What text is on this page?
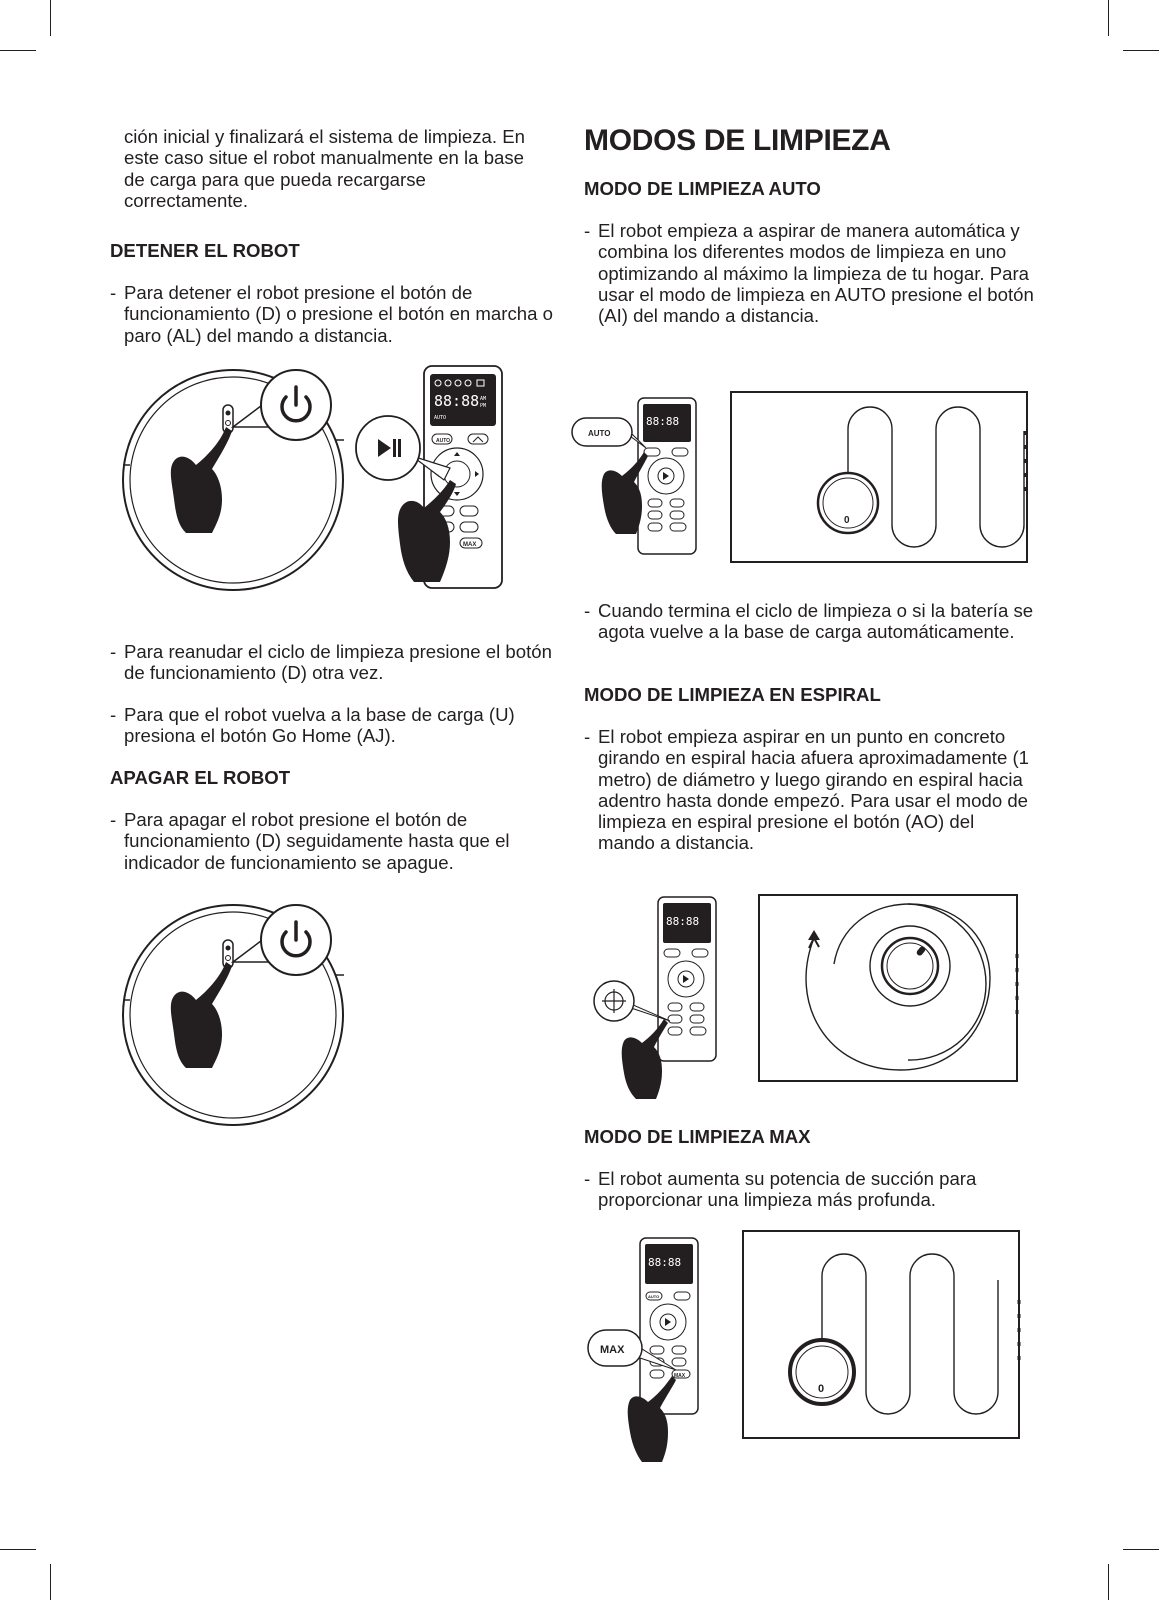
ción inicial y finalizará el sistema de limpieza. En este caso situe el robot manualmente en la base de carga para que pueda recargarse correctamente.

DETENER EL ROBOT

- Para detener el robot presione el botón de funcionamiento (D) o presione el botón en marcha o paro (AL) del mando a distancia.

- Para reanudar el ciclo de limpieza presione el botón de funcionamiento (D) otra vez.

- Para que el robot vuelva a la base de carga (U) presiona el botón Go Home (AJ).

APAGAR EL ROBOT

- Para apagar el robot presione el botón de funcionamiento (D) seguidamente hasta que el indicador de funcionamiento se apague.

MODOS DE LIMPIEZA
MODO DE LIMPIEZA AUTO

- El robot empieza a aspirar de manera automática y combina los diferentes modos de limpieza en uno optimizando al máximo la limpieza de tu hogar. Para usar el modo de limpieza en AUTO presione el botón (AI) del mando a distancia.

- Cuando termina el ciclo de limpieza o si la batería se agota vuelve a la base de carga automáticamente.

MODO DE LIMPIEZA EN ESPIRAL

- El robot empieza aspirar en un punto en concreto girando en espiral hacia afuera aproximadamente (1 metro) de diámetro y luego girando en espiral hacia adentro hasta donde empezó. Para usar el modo de limpieza en espiral presione el botón (AO) del mando a distancia.

MODO DE LIMPIEZA MAX

- El robot aumenta su potencia de succión para proporcionar una limpieza más profunda.

88:88 AM
PM
AUTO
AUTO
MAX
88:88
AUTO
0
88:88
88:88
AUTO
MAX
MAX
0
